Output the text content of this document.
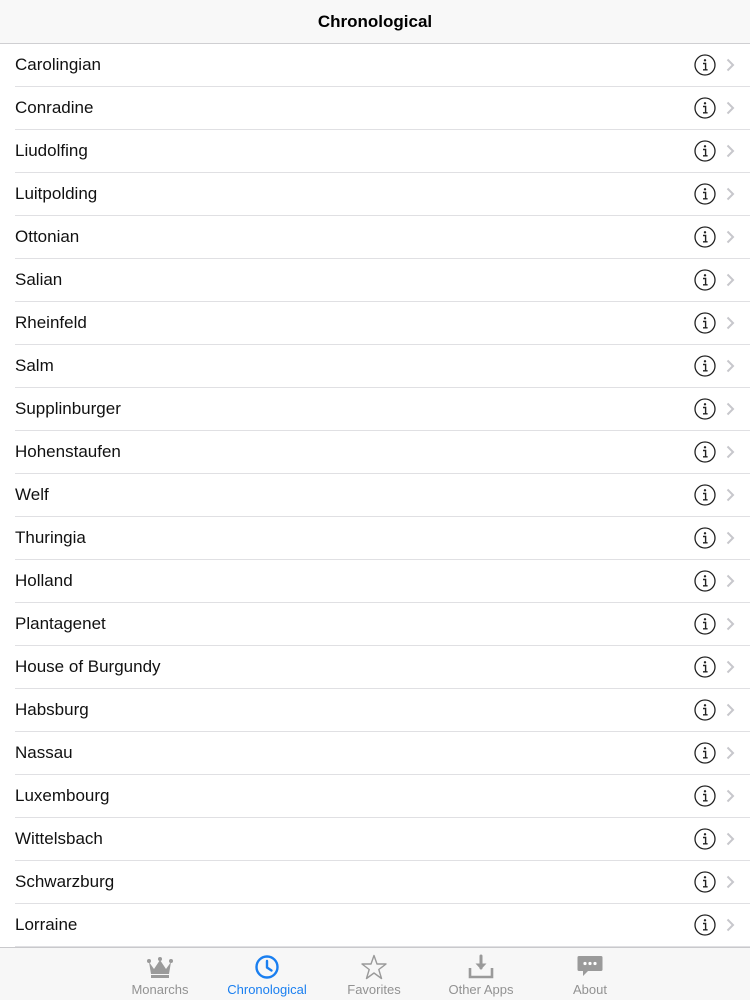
Chronological
Carolingian
Conradine
Liudolfing
Luitpolding
Ottonian
Salian
Rheinfeld
Salm
Supplinburger
Hohenstaufen
Welf
Thuringia
Holland
Plantagenet
House of Burgundy
Habsburg
Nassau
Luxembourg
Wittelsbach
Schwarzburg
Lorraine
Monarchs	Chronological	Favorites	Other Apps	About
